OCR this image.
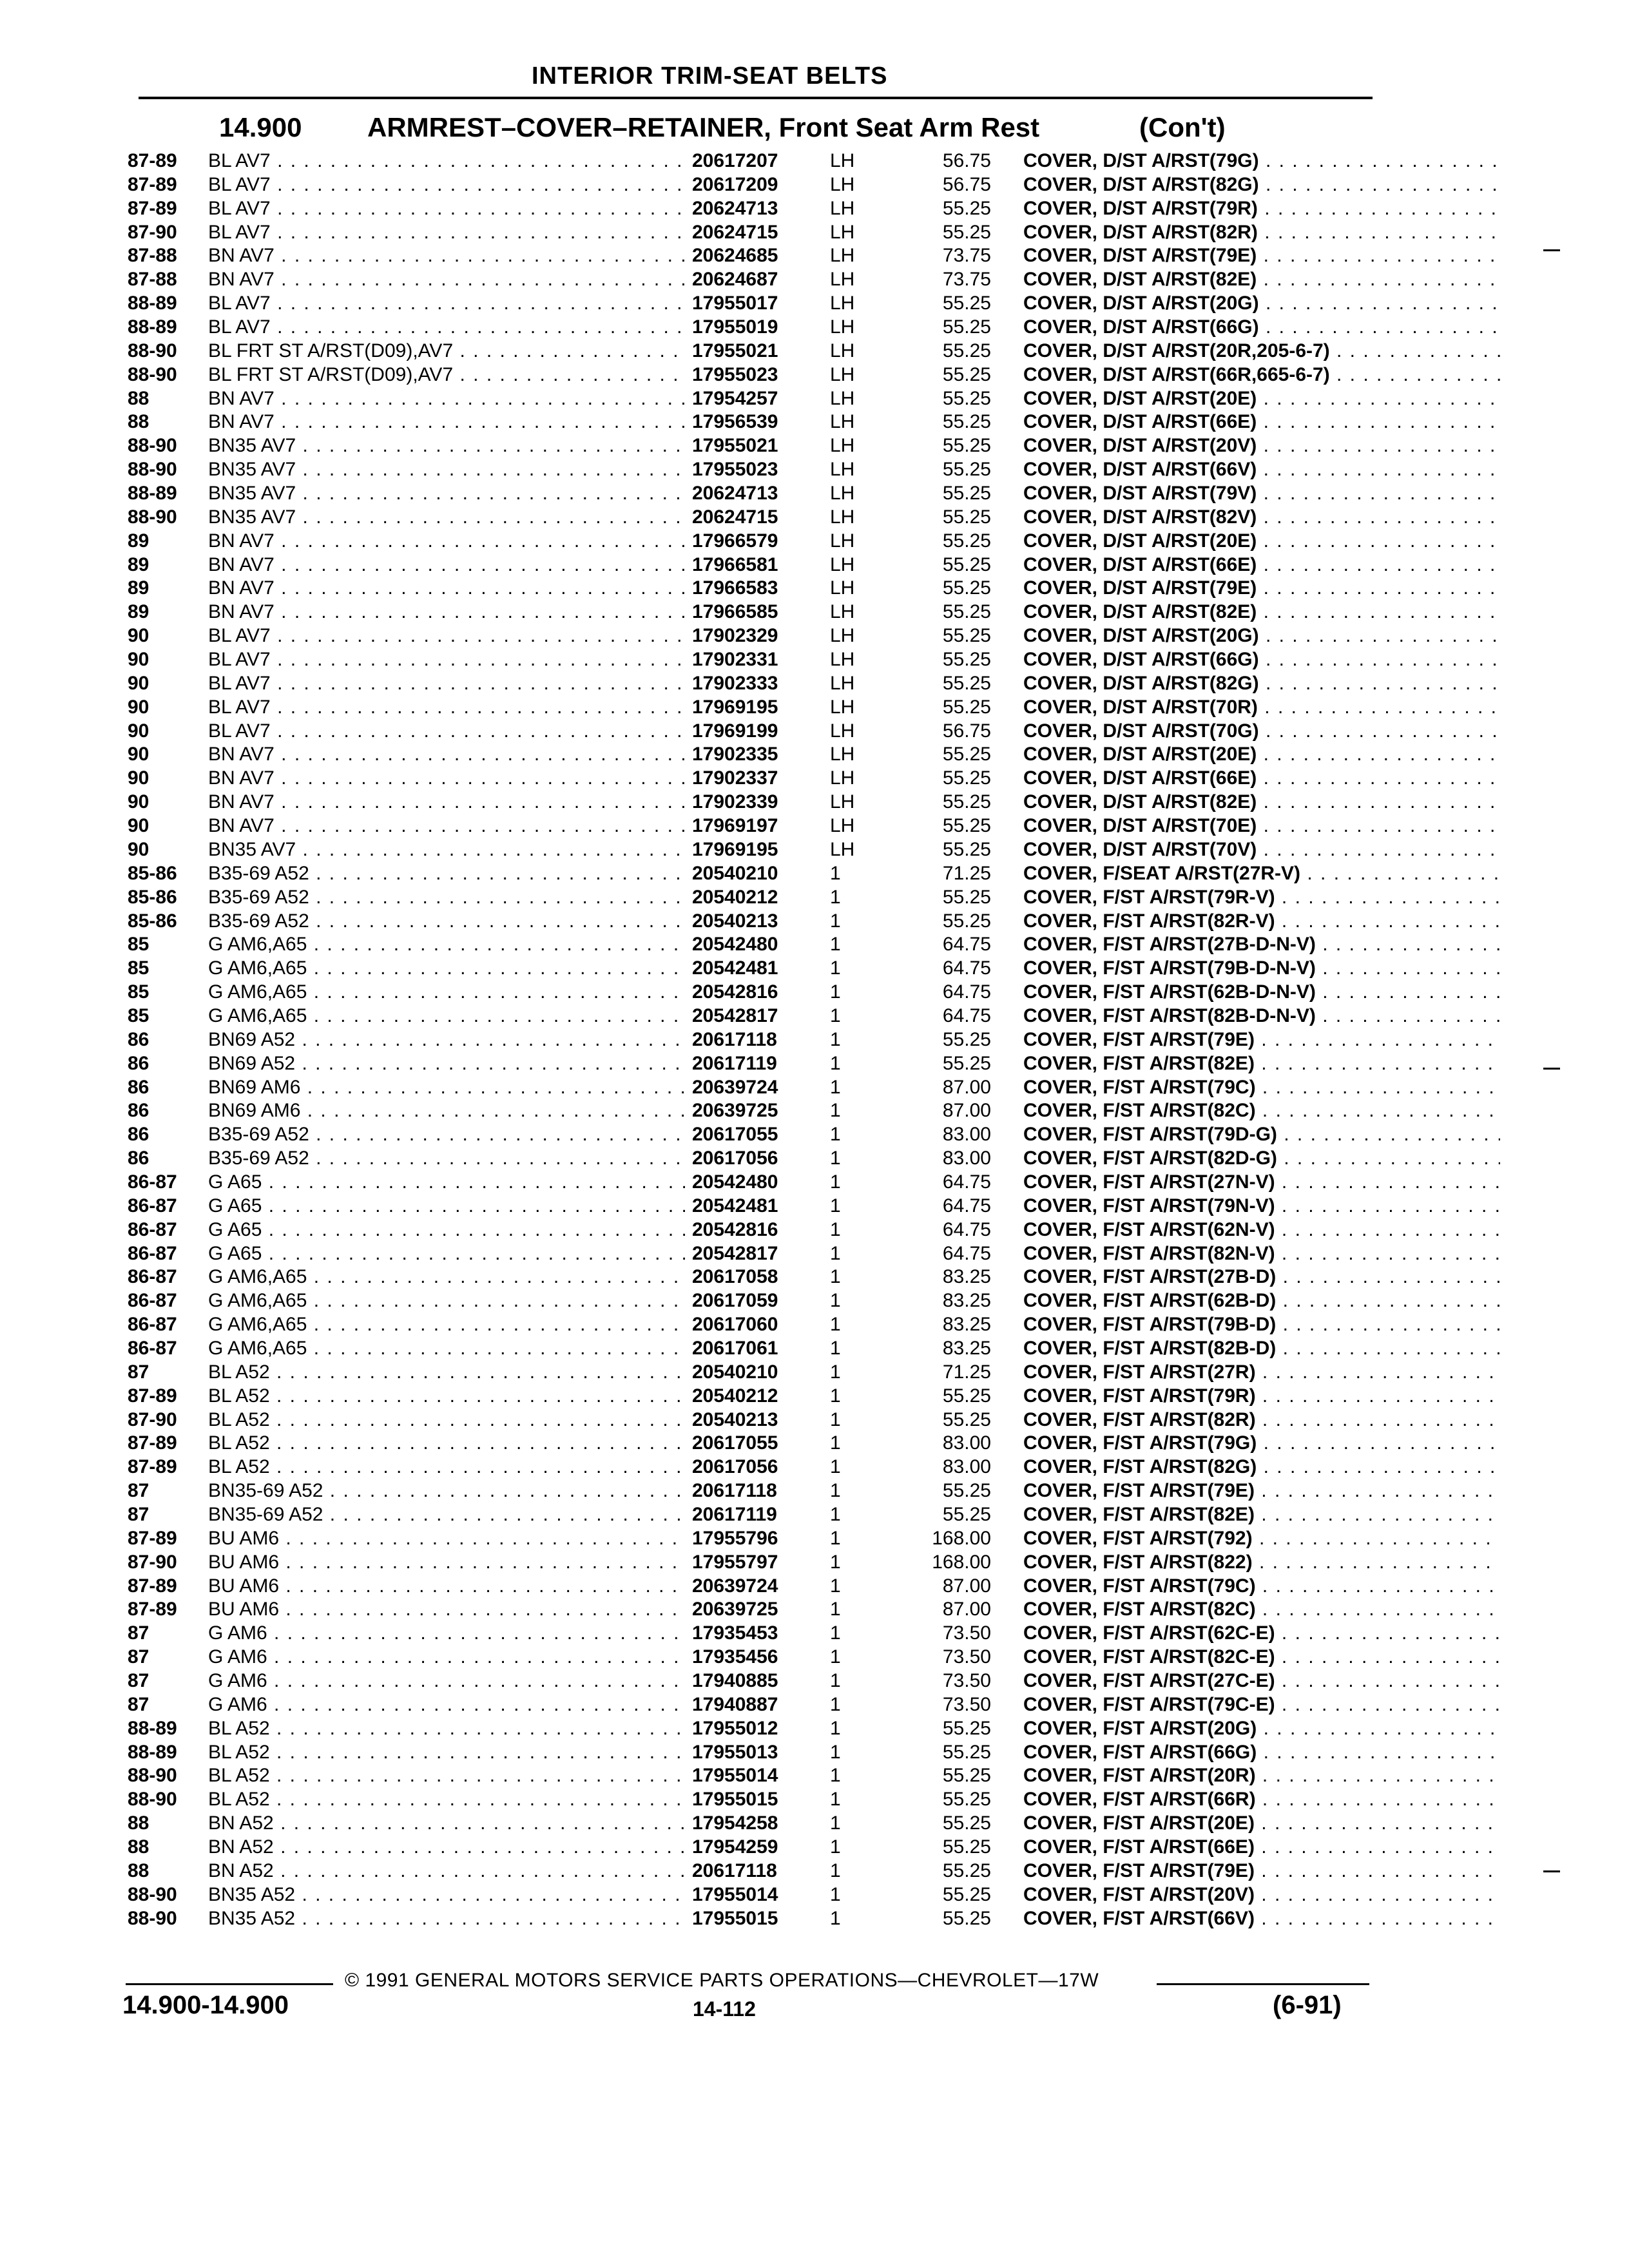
INTERIOR TRIM-SEAT BELTS
14.900 ARMREST–COVER–RETAINER, Front Seat Arm Rest	(Con't)
87-89 BL AV7 . . .	20617207	LH	56.75 COVER, D/ST A/RST(79G) . . .
87-89 BL AV7 . . .	20617209	LH	56.75 COVER, D/ST A/RST(82G) . . .
87-89 BL AV7 . . .	20624713	LH	55.25 COVER, D/ST A/RST(79R) . . .
87-90 BL AV7 . . .	20624715	LH	55.25 COVER, D/ST A/RST(82R) . . .
87-88 BN AV7 . . .	20624685	LH	73.75 COVER, D/ST A/RST(79E) . . .
87-88 BN AV7 . . .	20624687	LH	73.75 COVER, D/ST A/RST(82E) . . .
88-89 BL AV7 . . .	17955017	LH	55.25 COVER, D/ST A/RST(20G) . . .
88-89 BL AV7 . . .	17955019	LH	55.25 COVER, D/ST A/RST(66G) . . .
88-90 BL FRT ST A/RST(D09),AV7 . . .	17955021	LH	55.25 COVER, D/ST A/RST(20R,205-6-7) . . .
88-90 BL FRT ST A/RST(D09),AV7 . . .	17955023	LH	55.25 COVER, D/ST A/RST(66R,665-6-7) . . .
88	BN AV7 . . .	17954257	LH	55.25 COVER, D/ST A/RST(20E) . . .
88	BN AV7 . . .	17956539	LH	55.25 COVER, D/ST A/RST(66E) . . .
88-90 BN35 AV7 . . .	17955021	LH	55.25 COVER, D/ST A/RST(20V) . . .
88-90 BN35 AV7 . . .	17955023	LH	55.25 COVER, D/ST A/RST(66V) . . .
88-89 BN35 AV7 . . .	20624713	LH	55.25 COVER, D/ST A/RST(79V) . . .
88-90 BN35 AV7 . . .	20624715	LH	55.25 COVER, D/ST A/RST(82V) . . .
89	BN AV7 . . .	17966579	LH	55.25 COVER, D/ST A/RST(20E) . . .
89	BN AV7 . . .	17966581	LH	55.25 COVER, D/ST A/RST(66E) . . .
89	BN AV7 . . .	17966583	LH	55.25 COVER, D/ST A/RST(79E) . . .
89	BN AV7 . . .	17966585	LH	55.25 COVER, D/ST A/RST(82E) . . .
90	BL AV7 . . .	17902329	LH	55.25 COVER, D/ST A/RST(20G) . . .
90	BL AV7 . . .	17902331	LH	55.25 COVER, D/ST A/RST(66G) . . .
90	BL AV7 . . .	17902333	LH	55.25 COVER, D/ST A/RST(82G) . . .
90	BL AV7 . . .	17969195	LH	55.25 COVER, D/ST A/RST(70R) . . .
90	BL AV7 . . .	17969199	LH	56.75 COVER, D/ST A/RST(70G) . . .
90	BN AV7 . . .	17902335	LH	55.25 COVER, D/ST A/RST(20E) . . .
90	BN AV7 . . .	17902337	LH	55.25 COVER, D/ST A/RST(66E) . . .
90	BN AV7 . . .	17902339	LH	55.25 COVER, D/ST A/RST(82E) . . .
90	BN AV7 . . .	17969197	LH	55.25 COVER, D/ST A/RST(70E) . . .
90	BN35 AV7 . . .	17969195	LH	55.25 COVER, D/ST A/RST(70V) . . .
85-86 B35-69 A52 . . .	20540210	1	71.25 COVER, F/SEAT A/RST(27R-V) . . .
85-86 B35-69 A52 . . .	20540212	1	55.25 COVER, F/ST A/RST(79R-V) . . .
85-86 B35-69 A52 . . .	20540213	1	55.25 COVER, F/ST A/RST(82R-V) . . .
85	G AM6,A65 . . .	20542480	1	64.75 COVER, F/ST A/RST(27B-D-N-V) . . .
85	G AM6,A65 . . .	20542481	1	64.75 COVER, F/ST A/RST(79B-D-N-V) . . .
85	G AM6,A65 . . .	20542816	1	64.75 COVER, F/ST A/RST(62B-D-N-V) . . .
85	G AM6,A65 . . .	20542817	1	64.75 COVER, F/ST A/RST(82B-D-N-V) . . .
86	BN69 A52 . . .	20617118	1	55.25 COVER, F/ST A/RST(79E) . . .
86	BN69 A52 . . .	20617119	1	55.25 COVER, F/ST A/RST(82E) . . .
86	BN69 AM6 . . .	20639724	1	87.00 COVER, F/ST A/RST(79C) . . .
86	BN69 AM6 . . .	20639725	1	87.00 COVER, F/ST A/RST(82C) . . .
86	B35-69 A52 . . .	20617055	1	83.00 COVER, F/ST A/RST(79D-G) . . .
86	B35-69 A52 . . .	20617056	1	83.00 COVER, F/ST A/RST(82D-G) . . .
86-87 G A65 . . .	20542480	1	64.75 COVER, F/ST A/RST(27N-V) . . .
86-87 G A65 . . .	20542481	1	64.75 COVER, F/ST A/RST(79N-V) . . .
86-87 G A65 . . .	20542816	1	64.75 COVER, F/ST A/RST(62N-V) . . .
86-87 G A65 . . .	20542817	1	64.75 COVER, F/ST A/RST(82N-V) . . .
86-87 G AM6,A65 . . .	20617058	1	83.25 COVER, F/ST A/RST(27B-D) . . .
86-87 G AM6,A65 . . .	20617059	1	83.25 COVER, F/ST A/RST(62B-D) . . .
86-87 G AM6,A65 . . .	20617060	1	83.25 COVER, F/ST A/RST(79B-D) . . .
86-87 G AM6,A65 . . .	20617061	1	83.25 COVER, F/ST A/RST(82B-D) . . .
87	BL A52 . . .	20540210	1	71.25 COVER, F/ST A/RST(27R) . . .
87-89 BL A52 . . .	20540212	1	55.25 COVER, F/ST A/RST(79R) . . .
87-90 BL A52 . . .	20540213	1	55.25 COVER, F/ST A/RST(82R) . . .
87-89 BL A52 . . .	20617055	1	83.00 COVER, F/ST A/RST(79G) . . .
87-89 BL A52 . . .	20617056	1	83.00 COVER, F/ST A/RST(82G) . . .
87	BN35-69 A52 . . .	20617118	1	55.25 COVER, F/ST A/RST(79E) . . .
87	BN35-69 A52 . . .	20617119	1	55.25 COVER, F/ST A/RST(82E) . . .
87-89 BU AM6 . . .	17955796	1	168.00 COVER, F/ST A/RST(792) . . .
87-90 BU AM6 . . .	17955797	1	168.00 COVER, F/ST A/RST(822) . . .
87-89 BU AM6 . . .	20639724	1	87.00 COVER, F/ST A/RST(79C) . . .
87-89 BU AM6 . . .	20639725	1	87.00 COVER, F/ST A/RST(82C) . . .
87	G AM6 . . .	17935453	1	73.50 COVER, F/ST A/RST(62C-E) . . .
87	G AM6 . . .	17935456	1	73.50 COVER, F/ST A/RST(82C-E) . . .
87	G AM6 . . .	17940885	1	73.50 COVER, F/ST A/RST(27C-E) . . .
87	G AM6 . . .	17940887	1	73.50 COVER, F/ST A/RST(79C-E) . . .
88-89 BL A52 . . .	17955012	1	55.25 COVER, F/ST A/RST(20G) . . .
88-89 BL A52 . . .	17955013	1	55.25 COVER, F/ST A/RST(66G) . . .
88-90 BL A52 . . .	17955014	1	55.25 COVER, F/ST A/RST(20R) . . .
88-90 BL A52 . . .	17955015	1	55.25 COVER, F/ST A/RST(66R) . . .
88	BN A52 . . .	17954258	1	55.25 COVER, F/ST A/RST(20E) . . .
88	BN A52 . . .	17954259	1	55.25 COVER, F/ST A/RST(66E) . . .
88	BN A52 . . .	20617118	1	55.25 COVER, F/ST A/RST(79E) . . .
88-90 BN35 A52 . . .	17955014	1	55.25 COVER, F/ST A/RST(20V) . . .
88-90 BN35 A52 . . .	17955015	1	55.25 COVER, F/ST A/RST(66V) . . .
© 1991 GENERAL MOTORS SERVICE PARTS OPERATIONS—CHEVROLET—17W
14.900-14.900	14-112	(6-91)
